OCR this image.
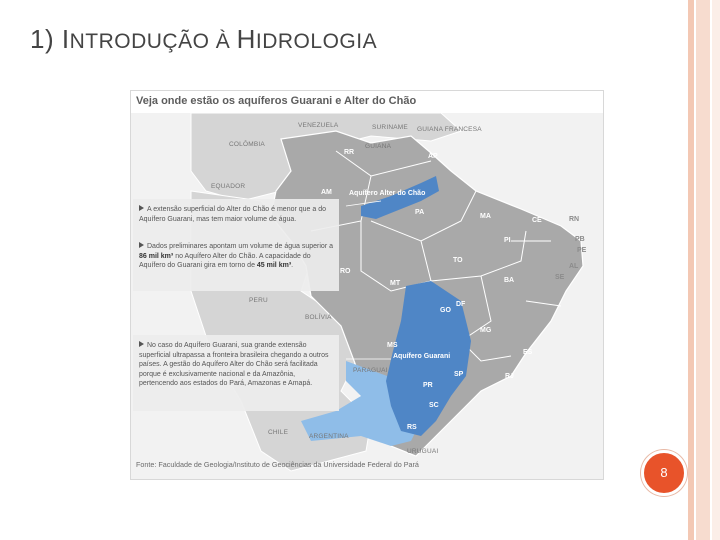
1) INTRODUÇÃO À HIDROLOGIA
Veja onde estão os aquíferos Guarani e Alter do Chão
VENEZUELA	SURINAME GUIANA FRANCESA
COLÔMBIA	GUIANA
EQUADOR
PERU
BOLÍVIA
PARAGUAI
CHILE
ARGENTINA
URUGUAI
RR
AP
AM
PA
MA
CE	RN
PB
PE
AL
SE
PI
TO
BA
RO
MT
DF
GO
MG
ES
MS
SP	RJ
PR
SC
RS
Aquífero Alter do Chão
Aquífero Guarani
A extensão superficial do Alter do Chão é menor que a do Aquífero Guarani, mas tem maior volume de água.
Dados preliminares apontam um volume de água superior a 86 mil km³ no Aquífero Alter do Chão. A capacidade do Aquífero do Guarani gira em torno de 45 mil km³.
No caso do Aquífero Guarani, sua grande extensão superficial ultrapassa a fronteira brasileira chegando a outros países. A gestão do Aquífero Alter do Chão será facilitada porque é exclusivamente nacional e da Amazônia, pertencendo aos estados do Pará, Amazonas e Amapá.
Fonte: Faculdade de Geologia/Instituto de Geociências da Universidade Federal do Pará
8
